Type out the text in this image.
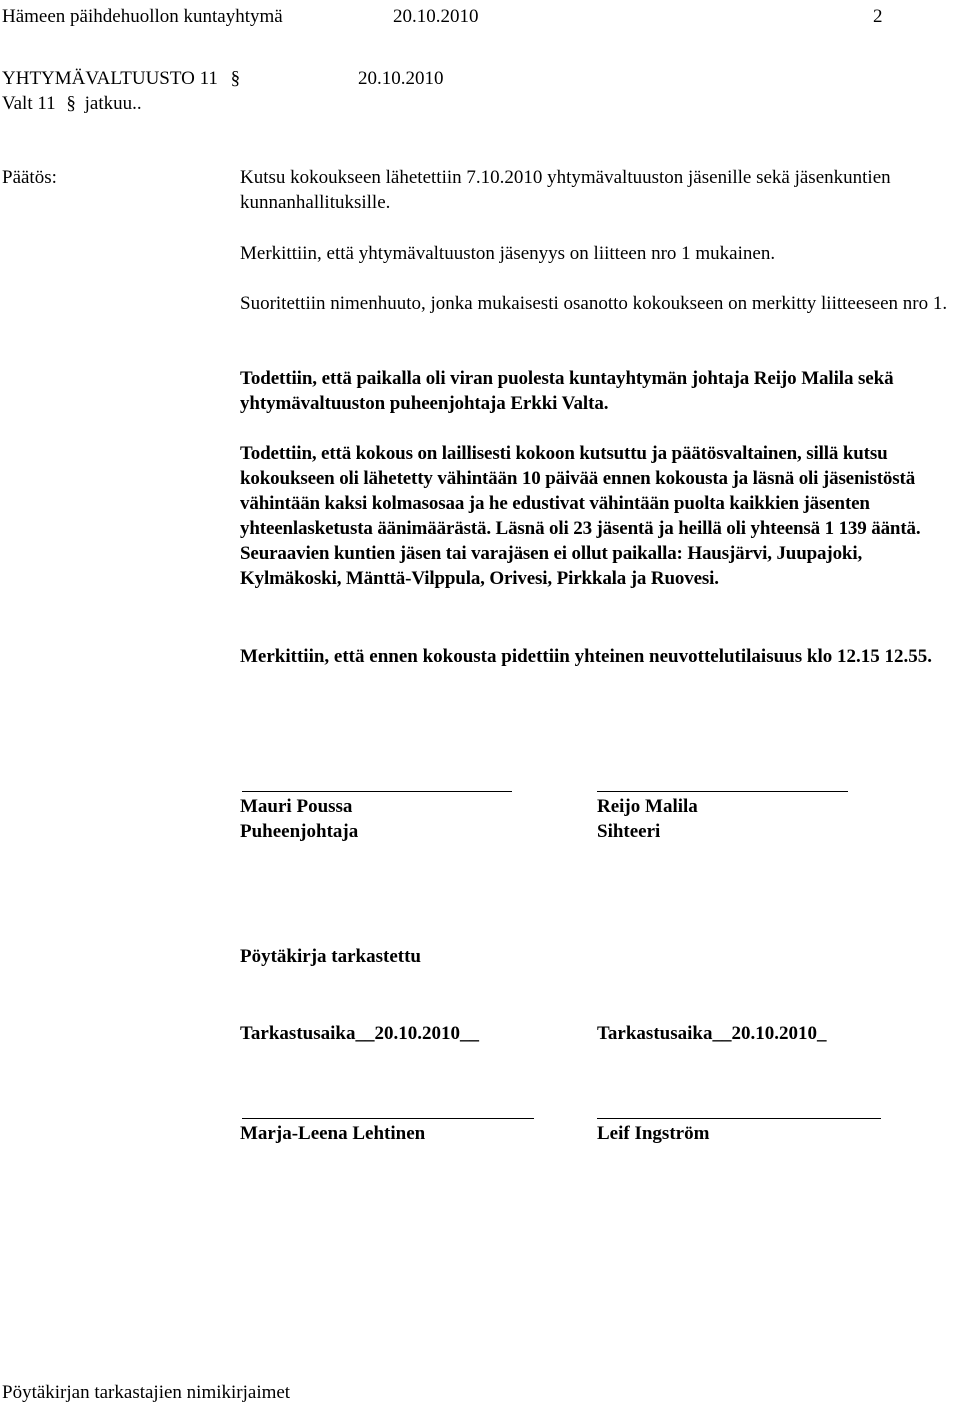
Hämeen päihdehuollon kuntayhtymä	20.10.2010	2
YHTYMÄVALTUUSTO 11 §	20.10.2010
Valt 11 § jatkuu..
Päätös:	Kutsu kokoukseen lähetettiin 7.10.2010 yhtymävaltuuston jäsenille sekä jäsenkuntien kunnanhallituksille.
Merkittiin, että yhtymävaltuuston jäsenyys on liitteen nro 1 mukainen.
Suoritettiin nimenhuuto, jonka mukaisesti osanotto kokoukseen on merkitty liitteeseen nro 1.
Todettiin, että paikalla oli viran puolesta kuntayhtymän johtaja Reijo Malila sekä yhtymävaltuuston puheenjohtaja Erkki Valta.
Todettiin, että kokous on laillisesti kokoon kutsuttu ja päätösvaltainen, sillä kutsu kokoukseen oli lähetetty vähintään 10 päivää ennen kokousta ja läsnä oli jäsenistöstä vähintään kaksi kolmasosaa ja he edustivat vähintään puolta kaikkien jäsenten yhteenlasketusta äänimäärästä. Läsnä oli 23 jäsentä ja heillä oli yhteensä 1 139 ääntä. Seuraavien kuntien jäsen tai varajäsen ei ollut paikalla: Hausjärvi, Juupajoki, Kylmäkoski, Mänttä-Vilppula, Orivesi, Pirkkala ja Ruovesi.
Merkittiin, että ennen kokousta pidettiin yhteinen neuvottelutilaisuus klo 12.15 12.55.
Mauri Poussa	Reijo Malila
Puheenjohtaja	Sihteeri
Pöytäkirja tarkastettu
Tarkastusaika__20.10.2010__	Tarkastusaika__20.10.2010_
Marja-Leena Lehtinen	Leif Ingström
Pöytäkirjan tarkastajien nimikirjaimet
